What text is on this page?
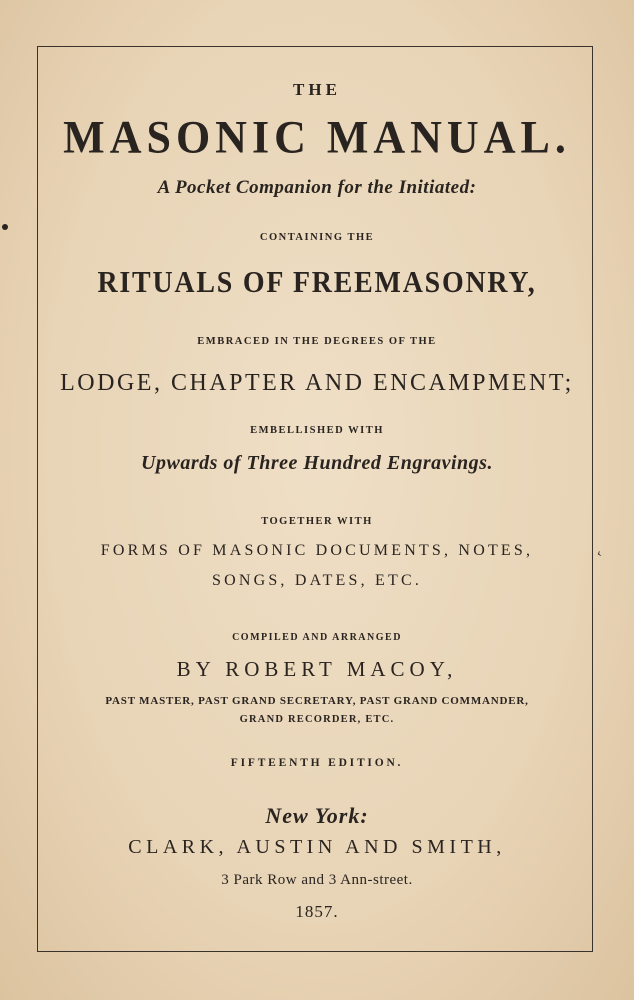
‹
THE
MASONIC MANUAL.
A Pocket Companion for the Initiated:
CONTAINING THE
RITUALS OF FREEMASONRY,
EMBRACED IN THE DEGREES OF THE
LODGE, CHAPTER AND ENCAMPMENT;
EMBELLISHED WITH
Upwards of Three Hundred Engravings.
TOGETHER WITH
FORMS OF MASONIC DOCUMENTS, NOTES,
SONGS, DATES, ETC.
COMPILED AND ARRANGED
BY ROBERT MACOY,
PAST MASTER, PAST GRAND SECRETARY, PAST GRAND COMMANDER,
GRAND RECORDER, ETC.
FIFTEENTH EDITION.
New York:
CLARK, AUSTIN AND SMITH,
3 Park Row and 3 Ann-street.
1857.
